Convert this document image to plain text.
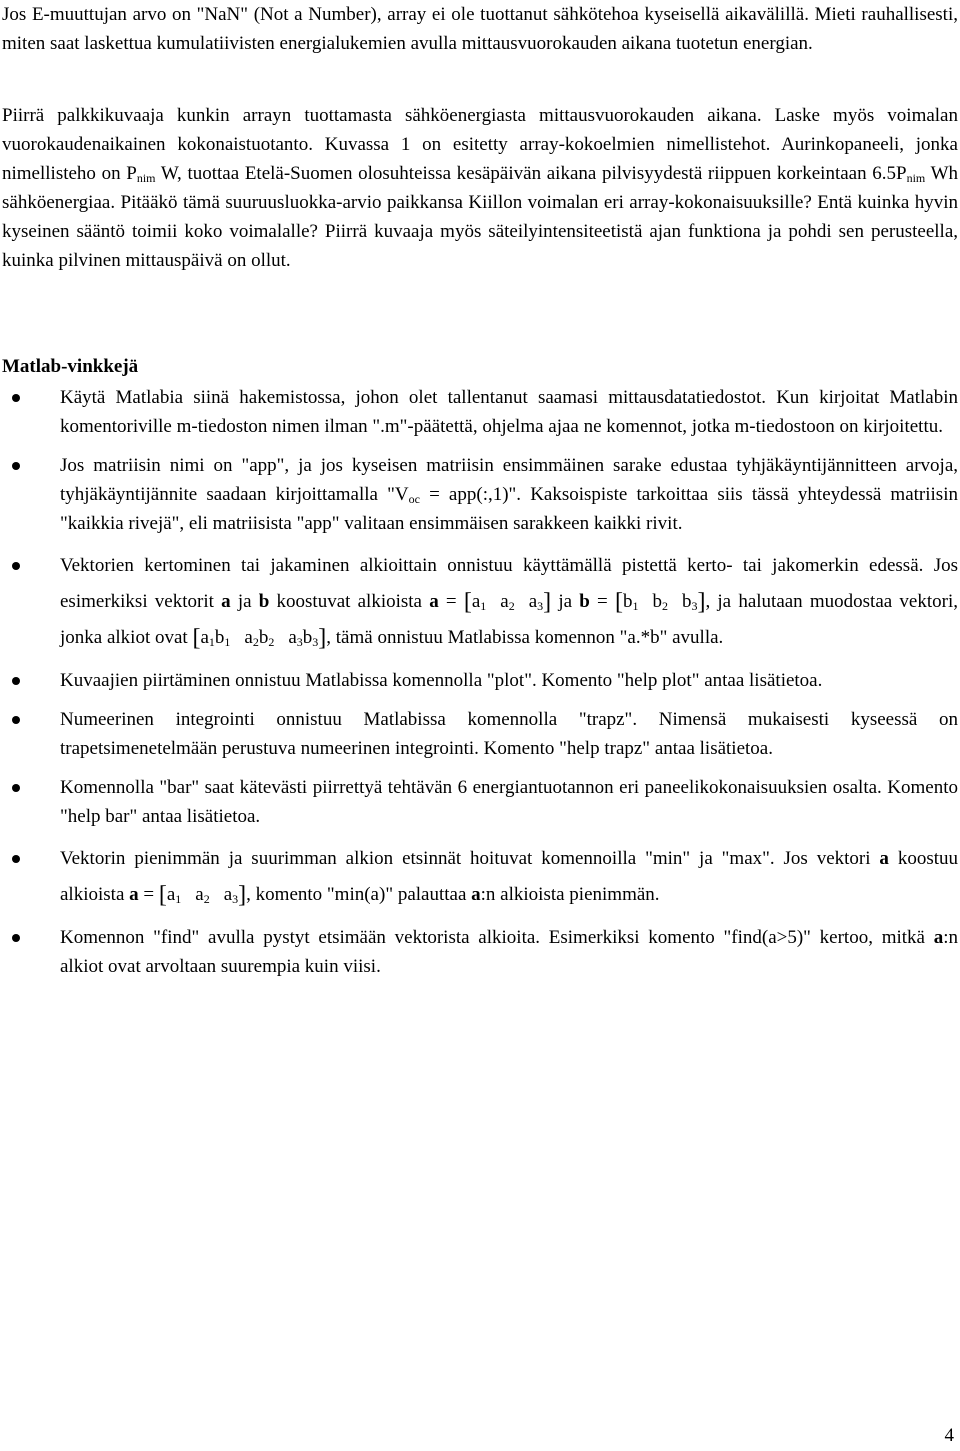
Jos E-muuttujan arvo on "NaN" (Not a Number), array ei ole tuottanut sähkötehoa kyseisellä aikavälillä. Mieti rauhallisesti, miten saat laskettua kumulatiivisten energialukemien avulla mittausvuorokauden aikana tuotetun energian.

Piirrä palkkikuvaaja kunkin arrayn tuottamasta sähköenergiasta mittausvuorokauden aikana. Laske myös voimalan vuorokaudenaikainen kokonaistuotanto. Kuvassa 1 on esitetty array-kokoelmien nimellistehot. Aurinkopaneeli, jonka nimellisteho on $P_{nim}$ W, tuottaa Etelä-Suomen olosuhteissa kesäpäivän aikana pilvisyydestä riippuen korkeintaan $6.5P_{nim}$ Wh sähköenergiaa. Pitääkö tämä suuruusluokka-arvio paikkansa Kiillon voimalan eri array-kokonaisuuksille? Entä kuinka hyvin kyseinen sääntö toimii koko voimalalle? Piirrä kuvaaja myös säteilyintensiteetistä ajan funktiona ja pohdi sen perusteella, kuinka pilvinen mittauspäivä on ollut.

Matlab-vinkkejä
Käytä Matlabia siinä hakemistossa, johon olet tallentanut saamasi mittausdatatiedostot. Kun kirjoitat Matlabin komentoriville m-tiedoston nimen ilman ".m"-päätettä, ohjelma ajaa ne komennot, jotka m-tiedostoon on kirjoitettu.
Jos matriisin nimi on "app", ja jos kyseisen matriisin ensimmäinen sarake edustaa tyhjäkäyntijännitteen arvoja, tyhjäkäyntijännite saadaan kirjoittamalla "$V_{oc}$ = app(:,1)". Kaksoispiste tarkoittaa siis tässä yhteydessä matriisin "kaikkia rivejä", eli matriisista "app" valitaan ensimmäisen sarakkeen kaikki rivit.
Vektorien kertominen tai jakaminen alkioittain onnistuu käyttämällä pistettä kerto- tai jakomerkin edessä. Jos esimerkiksi vektorit a ja b koostuvat alkioista $a = [a_1$ $a_2$ $a_3$] ja $b = [b_1$ $b_2$ $b_3$], ja halutaan muodostaa vektori, jonka alkiot ovat [$a_1b_1$ $a_2b_2$ $a_3b_3$], tämä onnistuu Matlabissa komennon "a.*b" avulla.
Kuvaajien piirtäminen onnistuu Matlabissa komennolla "plot". Komento "help plot" antaa lisätietoa.
Numeerinen integrointi onnistuu Matlabissa komennolla "trapz". Nimensä mukaisesti kyseessä on trapetsimenetelmään perustuva numeerinen integrointi. Komento "help trapz" antaa lisätietoa.
Komennolla "bar" saat kätevästi piirrettyä tehtävän 6 energiantuotannon eri paneelikokonaisuuksien osalta. Komento "help bar" antaa lisätietoa.
Vektorin pienimmän ja suurimman alkion etsinnät hoituvat komennoilla "min" ja "max". Jos vektori a koostuu alkioista $a = [a_1$ $a_2$ $a_3$], komento "min(a)" palauttaa a:n alkioista pienimmän.
Komennon "find" avulla pystyt etsimään vektorista alkioita. Esimerkiksi komento "find(a>5)" kertoo, mitkä a:n alkiot ovat arvoltaan suurempia kuin viisi.
4
